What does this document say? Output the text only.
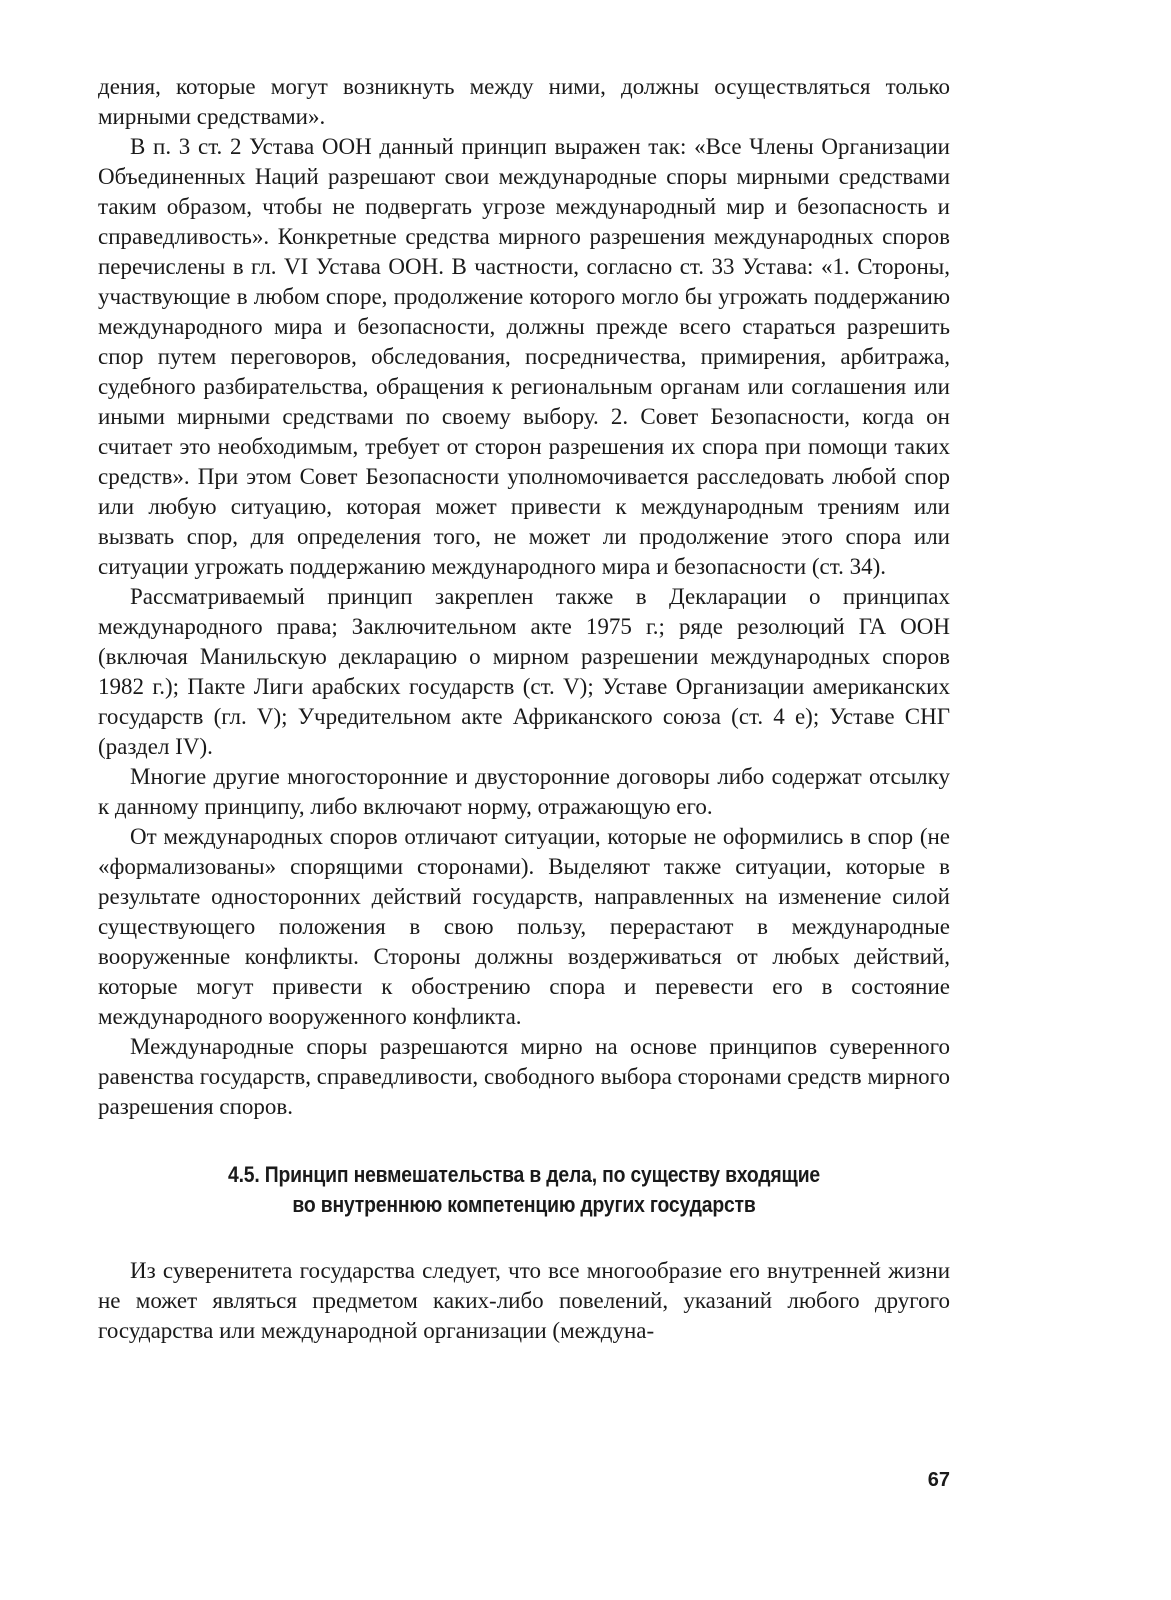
дения, которые могут возникнуть между ними, должны осуществляться только мирными средствами».

В п. 3 ст. 2 Устава ООН данный принцип выражен так: «Все Члены Организации Объединенных Наций разрешают свои международные споры мирными средствами таким образом, чтобы не подвергать угрозе международный мир и безопасность и справедливость». Конкретные средства мирного разрешения международных споров перечислены в гл. VI Устава ООН. В частности, согласно ст. 33 Устава: «1. Стороны, участвующие в любом споре, продолжение которого могло бы угрожать поддержанию международного мира и безопасности, должны прежде всего стараться разрешить спор путем переговоров, обследования, посредничества, примирения, арбитража, судебного разбирательства, обращения к региональным органам или соглашения или иными мирными средствами по своему выбору. 2. Совет Безопасности, когда он считает это необходимым, требует от сторон разрешения их спора при помощи таких средств». При этом Совет Безопасности уполномочивается расследовать любой спор или любую ситуацию, которая может привести к международным трениям или вызвать спор, для определения того, не может ли продолжение этого спора или ситуации угрожать поддержанию международного мира и безопасности (ст. 34).

Рассматриваемый принцип закреплен также в Декларации о принципах международного права; Заключительном акте 1975 г.; ряде резолюций ГА ООН (включая Манильскую декларацию о мирном разрешении международных споров 1982 г.); Пакте Лиги арабских государств (ст. V); Уставе Организации американских государств (гл. V); Учредительном акте Африканского союза (ст. 4 е); Уставе СНГ (раздел IV).

Многие другие многосторонние и двусторонние договоры либо содержат отсылку к данному принципу, либо включают норму, отражающую его.

От международных споров отличают ситуации, которые не оформились в спор (не «формализованы» спорящими сторонами). Выделяют также ситуации, которые в результате односторонних действий государств, направленных на изменение силой существующего положения в свою пользу, перерастают в международные вооруженные конфликты. Стороны должны воздерживаться от любых действий, которые могут привести к обострению спора и перевести его в состояние международного вооруженного конфликта.

Международные споры разрешаются мирно на основе принципов суверенного равенства государств, справедливости, свободного выбора сторонами средств мирного разрешения споров.

4.5. Принцип невмешательства в дела, по существу входящие
во внутреннюю компетенцию других государств

Из суверенитета государства следует, что все многообразие его внутренней жизни не может являться предметом каких-либо повелений, указаний любого другого государства или международной организации (междуна-

67
